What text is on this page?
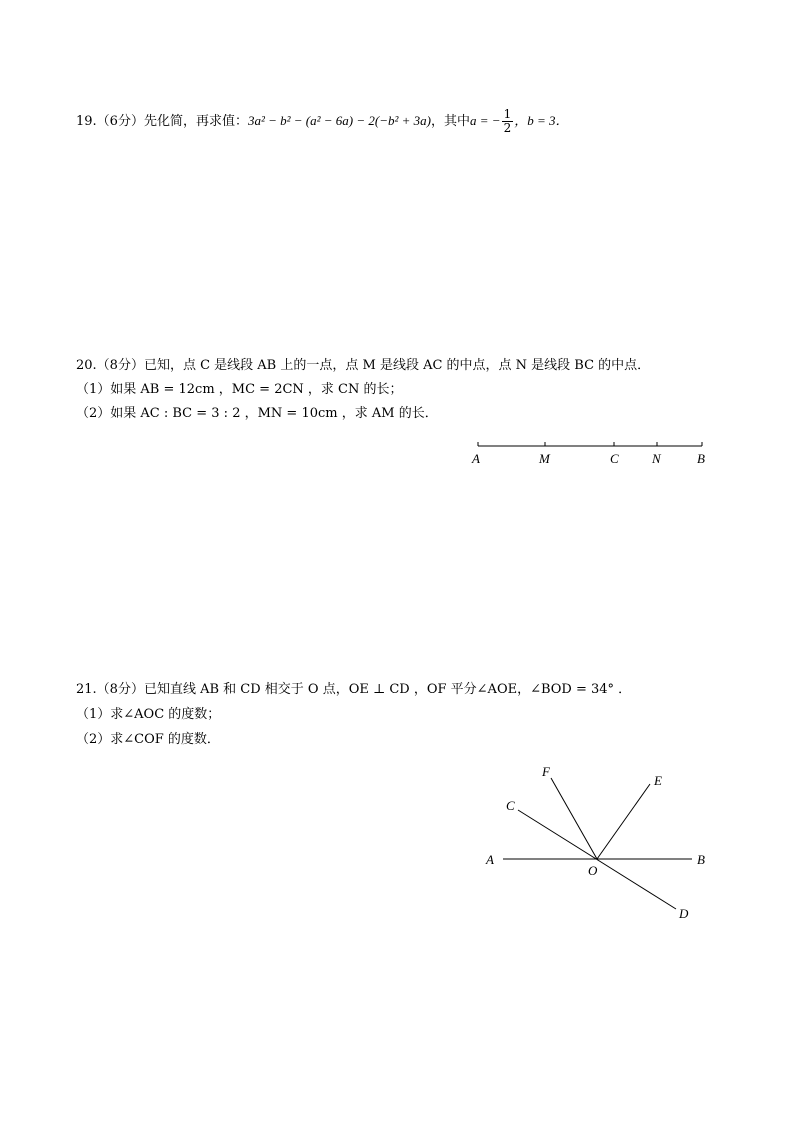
19.（6分）先化简，再求值：3a² − b² − (a² − 6a) − 2(−b² + 3a)，其中a = − $\frac{1}{2}$ ，b = 3．
20.（8分）已知，点 C 是线段 AB 上的一点，点 M 是线段 AC 的中点，点 N 是线段 BC 的中点．
（1）如果 AB = 12cm ，MC = 2CN ，求 CN 的长；
（2）如果 AC : BC = 3 : 2 ，MN = 10cm ，求 AM 的长．
A	M	C	N	B
21.（8分）已知直线 AB 和 CD 相交于 O 点，OE ⊥ CD ，OF 平分∠AOE，∠BOD = 34° ．
（1）求∠AOC 的度数；
（2）求∠COF 的度数．
A	B
C
D
E
F
O
